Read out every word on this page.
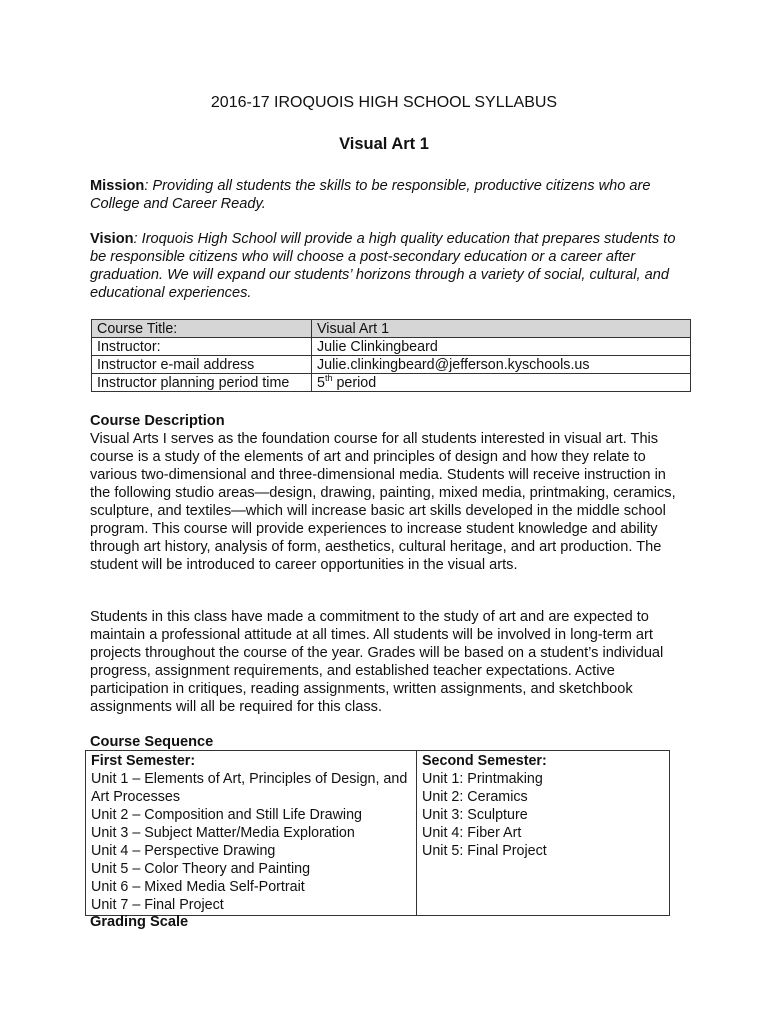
2016-17 IROQUOIS HIGH SCHOOL SYLLABUS
Visual Art 1
Mission: Providing all students the skills to be responsible, productive citizens who are College and Career Ready.
Vision: Iroquois High School will provide a high quality education that prepares students to be responsible citizens who will choose a post-secondary education or a career after graduation. We will expand our students’ horizons through a variety of social, cultural, and educational experiences.
Course Title:	Visual Art 1
Instructor:	Julie Clinkingbeard
Instructor e-mail address	Julie.clinkingbeard@jefferson.kyschools.us
Instructor planning period time	5th period
Course Description
Visual Arts I serves as the foundation course for all students interested in visual art. This course is a study of the elements of art and principles of design and how they relate to various two-dimensional and three-dimensional media. Students will receive instruction in the following studio areas—design, drawing, painting, mixed media, printmaking, ceramics, sculpture, and textiles—which will increase basic art skills developed in the middle school program. This course will provide experiences to increase student knowledge and ability through art history, analysis of form, aesthetics, cultural heritage, and art production. The student will be introduced to career opportunities in the visual arts.
Students in this class have made a commitment to the study of art and are expected to maintain a professional attitude at all times. All students will be involved in long-term art projects throughout the course of the year. Grades will be based on a student’s individual progress, assignment requirements, and established teacher expectations. Active participation in critiques, reading assignments, written assignments, and sketchbook assignments will all be required for this class.
Course Sequence
First Semester:
Unit 1 – Elements of Art, Principles of Design, and Art Processes
Unit 2 – Composition and Still Life Drawing
Unit 3 – Subject Matter/Media Exploration
Unit 4 – Perspective Drawing
Unit 5 – Color Theory and Painting
Unit 6 – Mixed Media Self-Portrait
Unit 7 – Final Project

Second Semester:
Unit 1: Printmaking
Unit 2: Ceramics
Unit 3: Sculpture
Unit 4: Fiber Art
Unit 5: Final Project
Grading Scale
